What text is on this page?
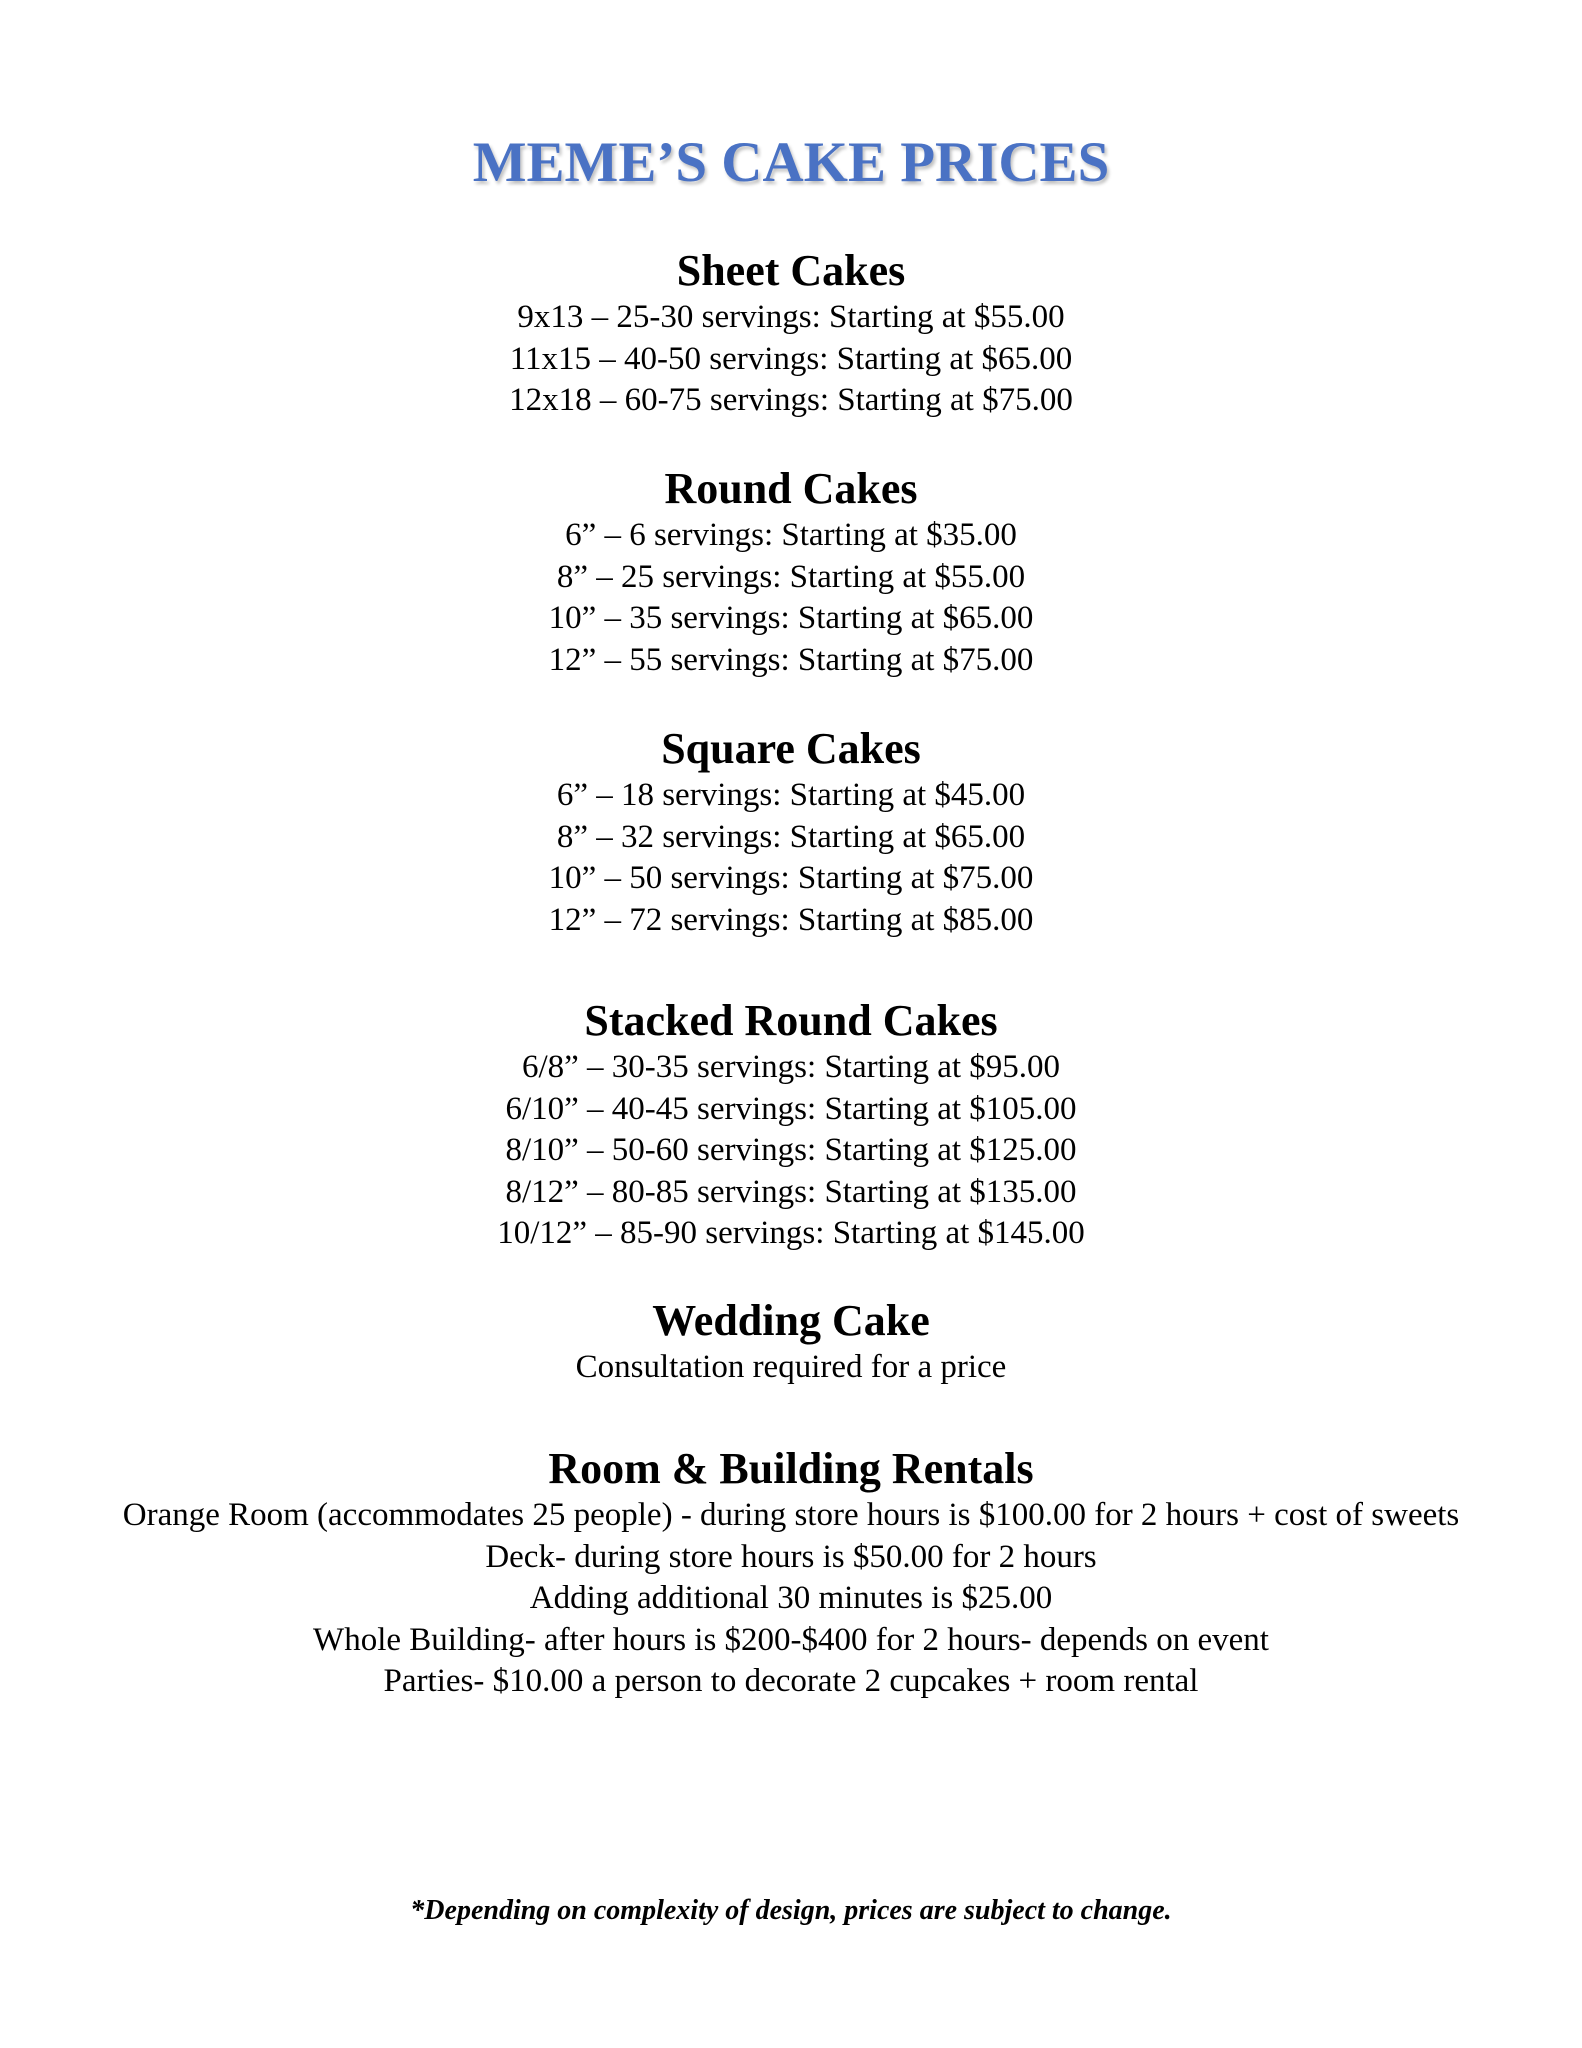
MEME’S CAKE PRICES
Sheet Cakes
9x13 – 25-30 servings: Starting at $55.00
11x15 – 40-50 servings: Starting at $65.00
12x18 – 60-75 servings: Starting at $75.00
Round Cakes
6” – 6 servings: Starting at $35.00
8” – 25 servings: Starting at $55.00
10” – 35 servings: Starting at $65.00
12” – 55 servings: Starting at $75.00
Square Cakes
6” – 18 servings: Starting at $45.00
8” – 32 servings: Starting at $65.00
10” – 50 servings: Starting at $75.00
12” – 72 servings: Starting at $85.00
Stacked Round Cakes
6/8” – 30-35 servings: Starting at $95.00
6/10” – 40-45 servings: Starting at $105.00
8/10” – 50-60 servings: Starting at $125.00
8/12” – 80-85 servings: Starting at $135.00
10/12” – 85-90 servings: Starting at $145.00
Wedding Cake
Consultation required for a price
Room & Building Rentals
Orange Room (accommodates 25 people) - during store hours is $100.00 for 2 hours + cost of sweets
Deck- during store hours is $50.00 for 2 hours
Adding additional 30 minutes is $25.00
Whole Building- after hours is $200-$400 for 2 hours- depends on event
Parties- $10.00 a person to decorate 2 cupcakes + room rental

*Depending on complexity of design, prices are subject to change.
